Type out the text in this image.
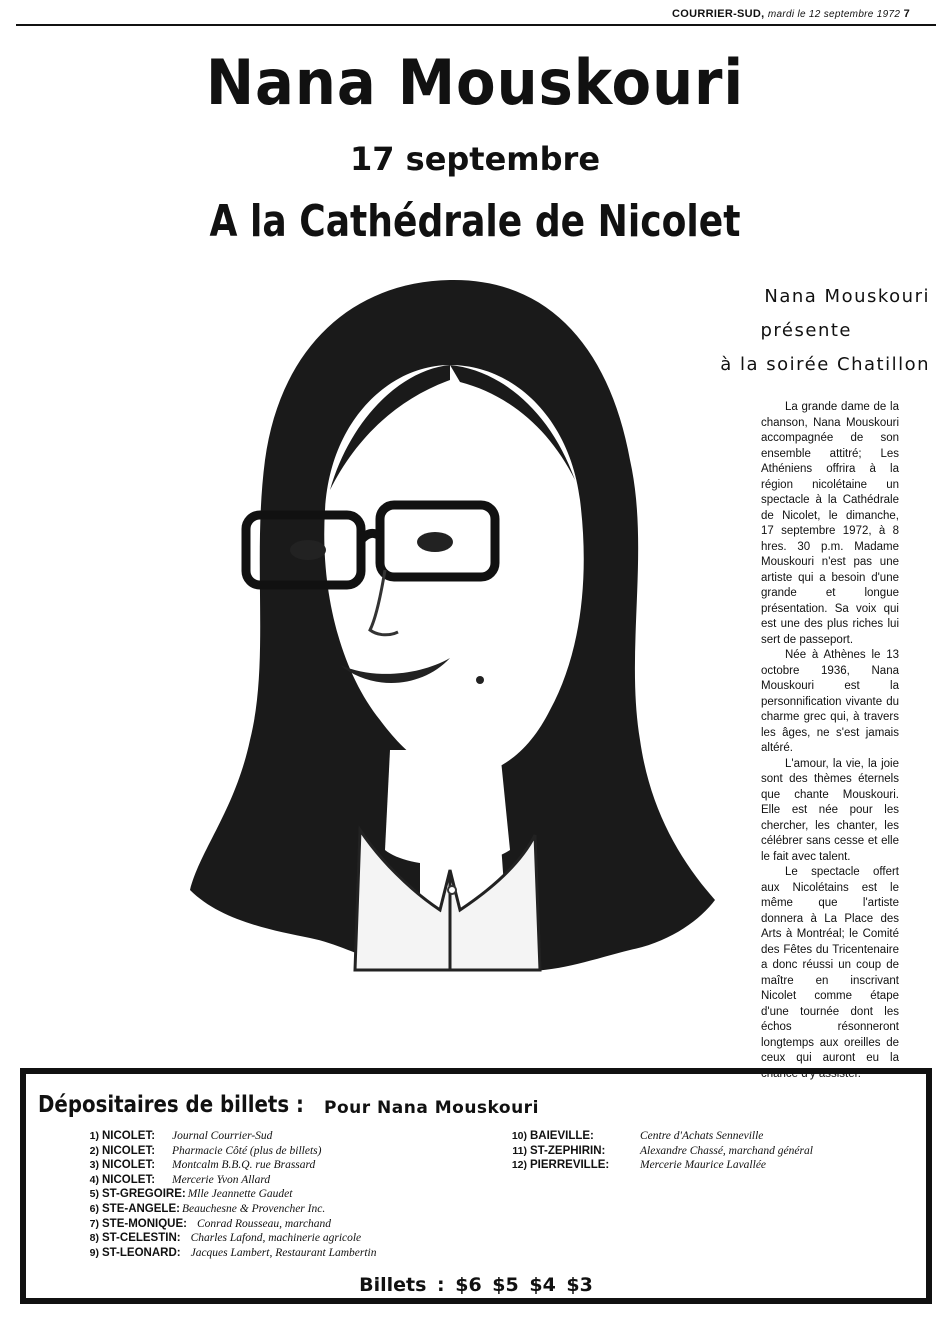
COURRIER-SUD, mardi le 12 septembre 1972 7
Nana Mouskouri
17 septembre
A la Cathédrale de Nicolet
Nana Mouskouri
présente
à la soirée Chatillon

La grande dame de la chanson, Nana Mouskouri accompagnée de son ensemble attitré; Les Athéniens offrira à la région nicolétaine un spectacle à la Cathédrale de Nicolet, le dimanche, 17 septembre 1972, à 8 hres. 30 p.m. Madame Mouskouri n'est pas une artiste qui a besoin d'une grande et longue présentation. Sa voix qui est une des plus riches lui sert de passeport.

Née à Athènes le 13 octobre 1936, Nana Mouskouri est la personnification vivante du charme grec qui, à travers les âges, ne s'est jamais altéré.

L'amour, la vie, la joie sont des thèmes éternels que chante Mouskouri. Elle est née pour les chercher, les chanter, les célébrer sans cesse et elle le fait avec talent.

Le spectacle offert aux Nicolétains est le même que l'artiste donnera à La Place des Arts à Montréal; le Comité des Fêtes du Tricentenaire a donc réussi un coup de maître en inscrivant Nicolet comme étape d'une tournée dont les échos résonneront longtemps aux oreilles de ceux qui auront eu la chance d'y assister.

Dépositaires de billets : Pour Nana Mouskouri
1) NICOLET:	Journal Courrier-Sud
2) NICOLET:	Pharmacie Côté (plus de billets)
3) NICOLET:	Montcalm B.B.Q. rue Brassard
4) NICOLET:	Mercerie Yvon Allard
5) ST-GREGOIRE: Mlle Jeannette Gaudet
6) STE-ANGELE: Beauchesne & Provencher Inc.
7) STE-MONIQUE: Conrad Rousseau, marchand
8) ST-CELESTIN: Charles Lafond, machinerie agricole
9) ST-LEONARD: Jacques Lambert, Restaurant Lambertin
10) BAIEVILLE:	Centre d'Achats Senneville
11) ST-ZEPHIRIN:	Alexandre Chassé, marchand général
12) PIERREVILLE:	Mercerie Maurice Lavallée
Billets : $6 $5 $4 $3
